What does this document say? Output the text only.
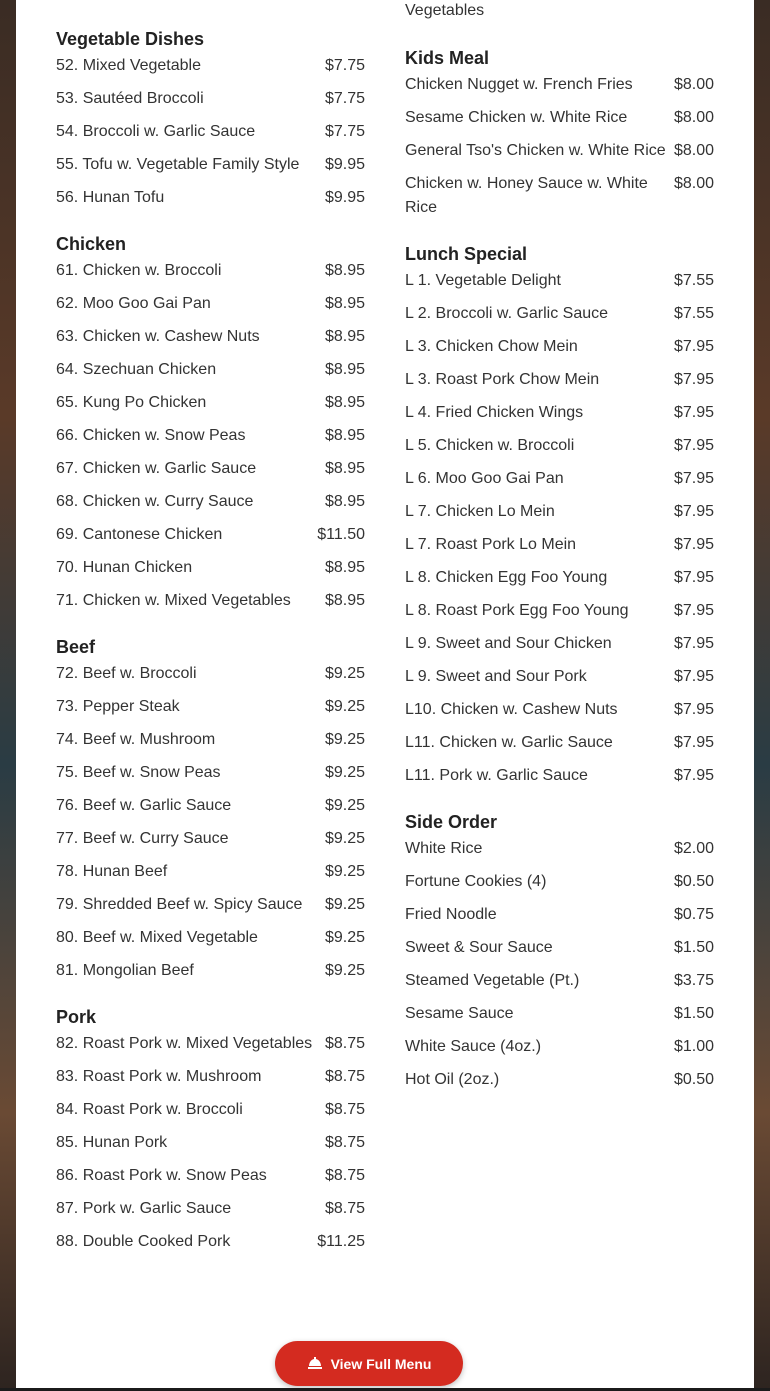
Vegetable Dishes
52. Mixed Vegetable	$7.75
53. Sautéed Broccoli	$7.75
54. Broccoli w. Garlic Sauce	$7.75
55. Tofu w. Vegetable Family Style	$9.95
56. Hunan Tofu	$9.95
Chicken
61. Chicken w. Broccoli	$8.95
62. Moo Goo Gai Pan	$8.95
63. Chicken w. Cashew Nuts	$8.95
64. Szechuan Chicken	$8.95
65. Kung Po Chicken	$8.95
66. Chicken w. Snow Peas	$8.95
67. Chicken w. Garlic Sauce	$8.95
68. Chicken w. Curry Sauce	$8.95
69. Cantonese Chicken	$11.50
70. Hunan Chicken	$8.95
71. Chicken w. Mixed Vegetables	$8.95
Beef
72. Beef w. Broccoli	$9.25
73. Pepper Steak	$9.25
74. Beef w. Mushroom	$9.25
75. Beef w. Snow Peas	$9.25
76. Beef w. Garlic Sauce	$9.25
77. Beef w. Curry Sauce	$9.25
78. Hunan Beef	$9.25
79. Shredded Beef w. Spicy Sauce	$9.25
80. Beef w. Mixed Vegetable	$9.25
81. Mongolian Beef	$9.25
Pork
82. Roast Pork w. Mixed Vegetables $8.75
83. Roast Pork w. Mushroom	$8.75
84. Roast Pork w. Broccoli	$8.75
85. Hunan Pork	$8.75
86. Roast Pork w. Snow Peas	$8.75
87. Pork w. Garlic Sauce	$8.75
88. Double Cooked Pork	$11.25
Vegetables
Kids Meal
Chicken Nugget w. French Fries	$8.00
Sesame Chicken w. White Rice	$8.00
General Tso's Chicken w. White Rice $8.00
Chicken w. Honey Sauce w. White Rice
$8.00
Lunch Special
L 1. Vegetable Delight	$7.55
L 2. Broccoli w. Garlic Sauce	$7.55
L 3. Chicken Chow Mein	$7.95
L 3. Roast Pork Chow Mein	$7.95
L 4. Fried Chicken Wings	$7.95
L 5. Chicken w. Broccoli	$7.95
L 6. Moo Goo Gai Pan	$7.95
L 7. Chicken Lo Mein	$7.95
L 7. Roast Pork Lo Mein	$7.95
L 8. Chicken Egg Foo Young	$7.95
L 8. Roast Pork Egg Foo Young	$7.95
L 9. Sweet and Sour Chicken	$7.95
L 9. Sweet and Sour Pork	$7.95
L10. Chicken w. Cashew Nuts	$7.95
L11. Chicken w. Garlic Sauce	$7.95
L11. Pork w. Garlic Sauce	$7.95
Side Order
White Rice	$2.00
Fortune Cookies (4)	$0.50
Fried Noodle	$0.75
Sweet & Sour Sauce	$1.50
Steamed Vegetable (Pt.)	$3.75
Sesame Sauce	$1.50
White Sauce (4oz.)	$1.00
Hot Oil (2oz.)	$0.50
View Full Menu
